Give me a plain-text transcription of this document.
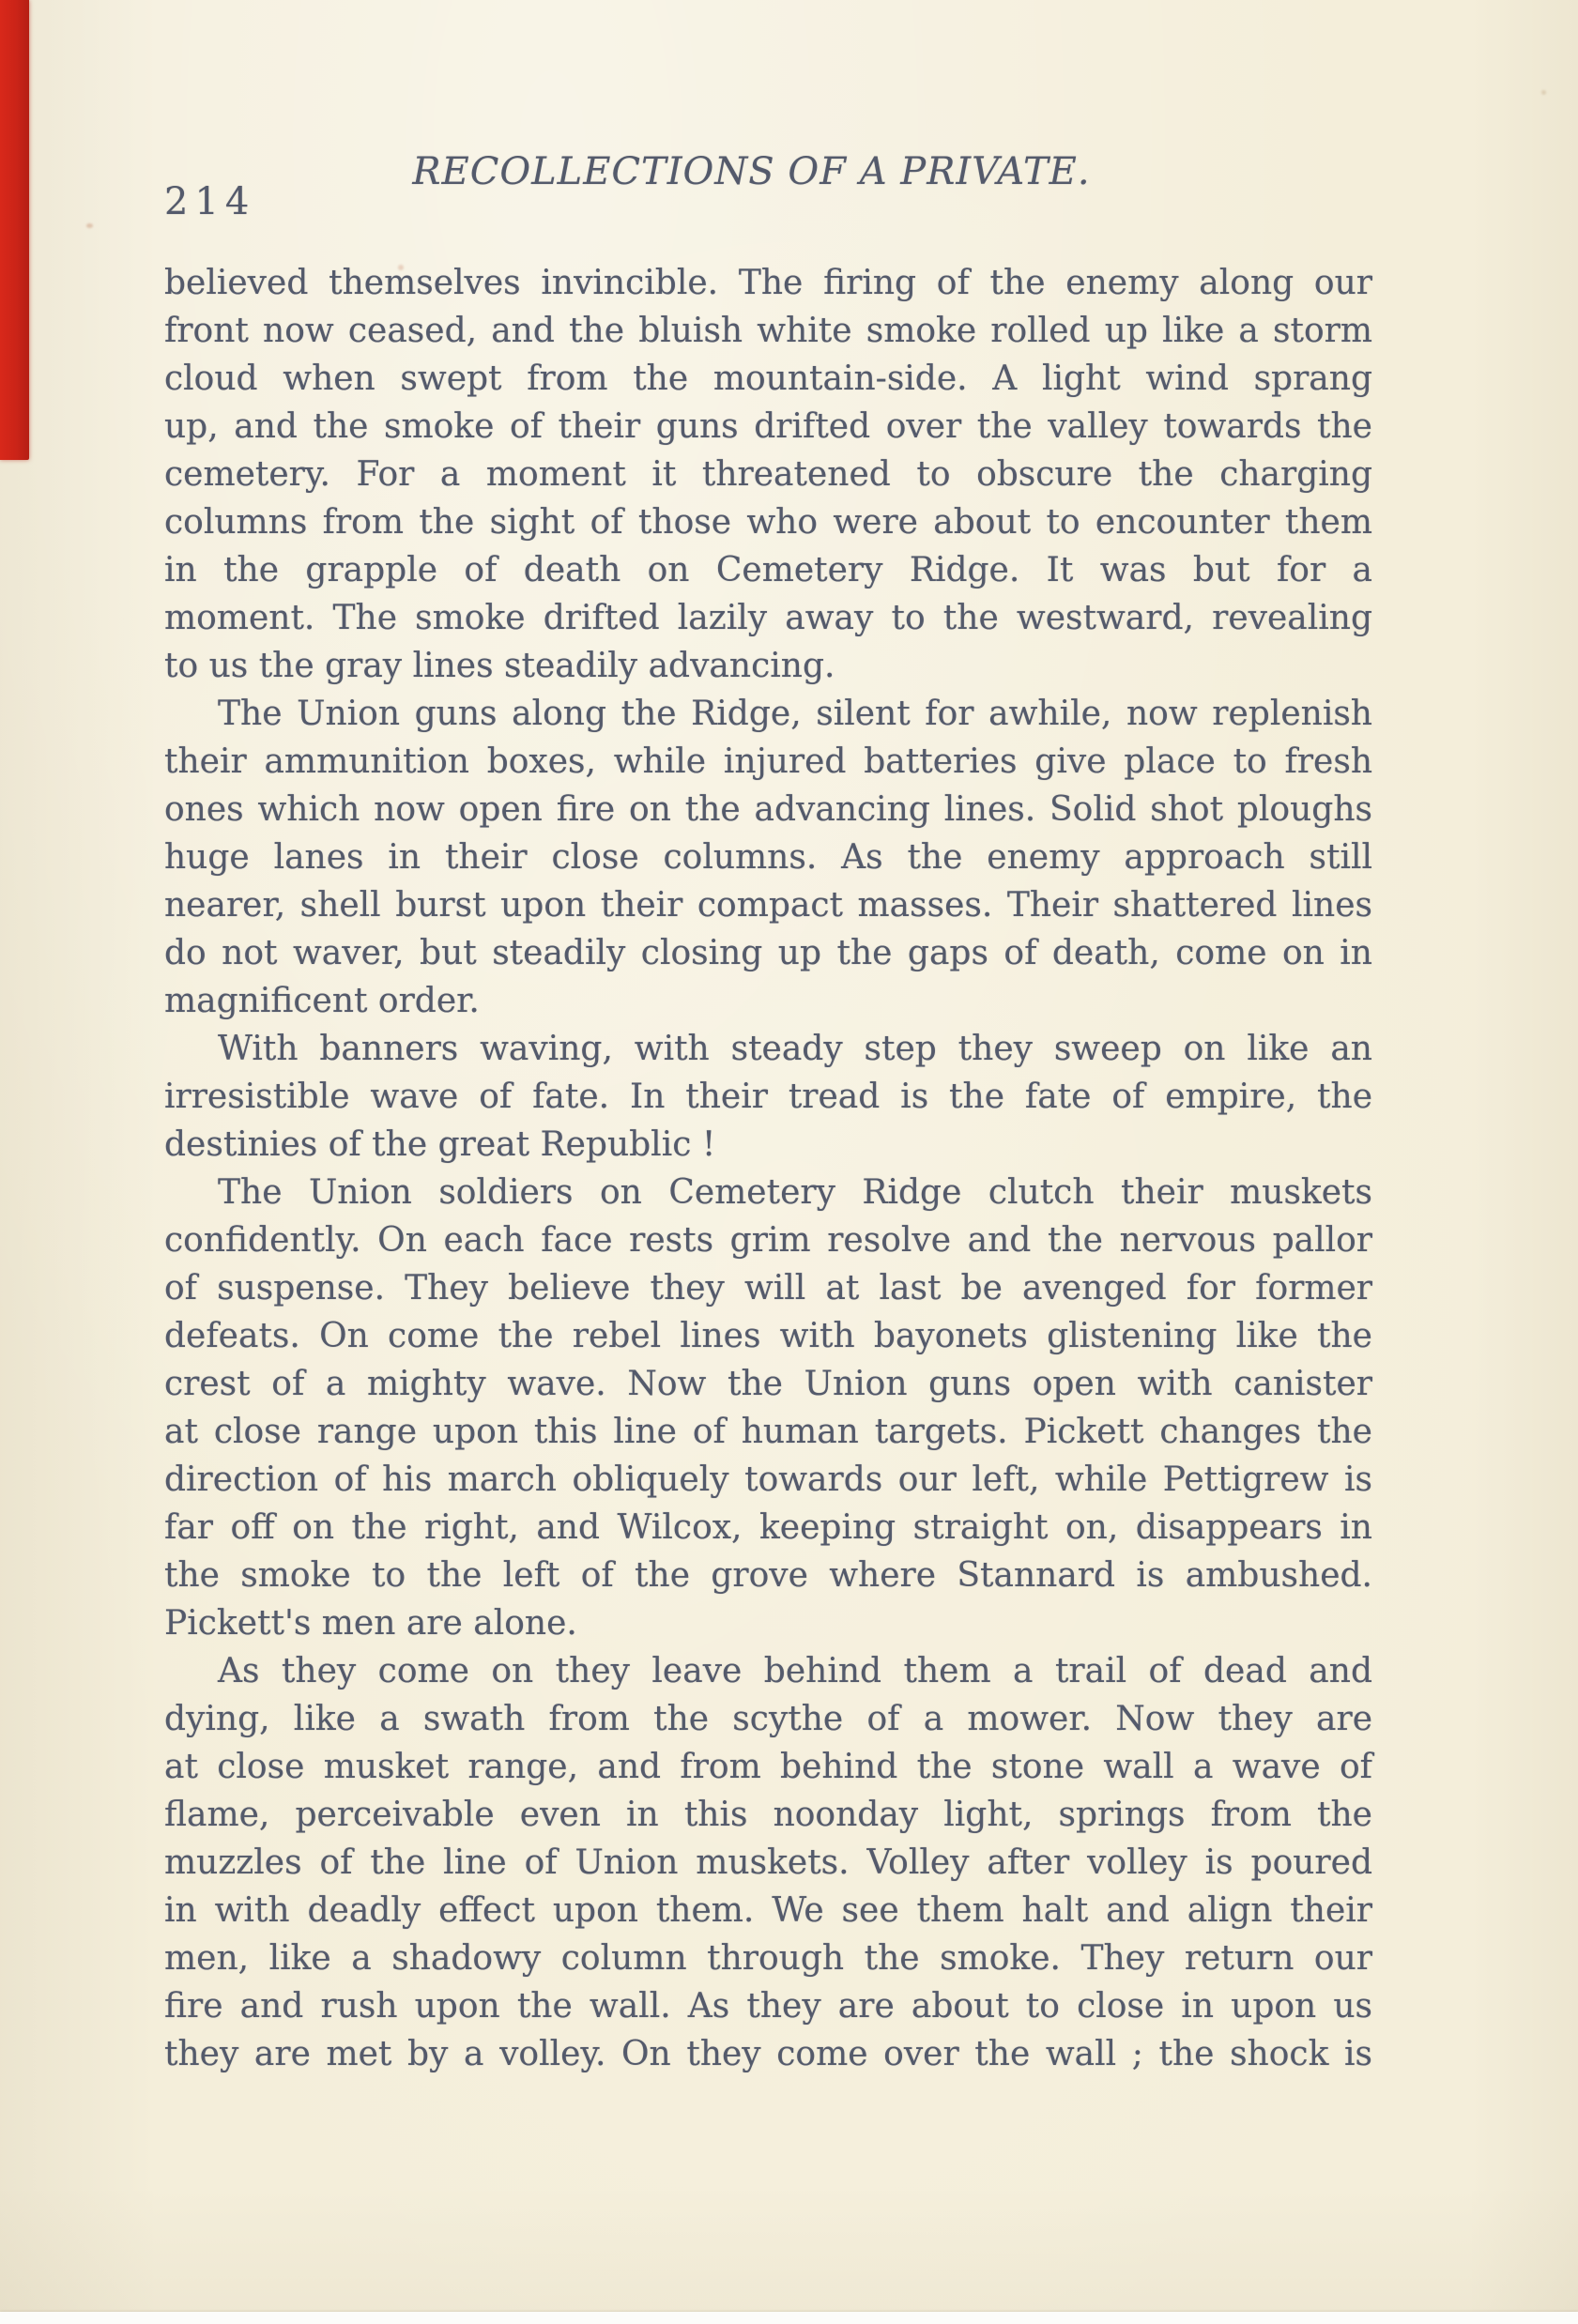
214
RECOLLECTIONS OF A PRIVATE.
believed themselves invincible. The firing of the enemy along our
front now ceased, and the bluish white smoke rolled up like a storm
cloud when swept from the mountain-side. A light wind sprang
up, and the smoke of their guns drifted over the valley towards the
cemetery. For a moment it threatened to obscure the charging
columns from the sight of those who were about to encounter them
in the grapple of death on Cemetery Ridge. It was but for a
moment. The smoke drifted lazily away to the westward, revealing
to us the gray lines steadily advancing.
The Union guns along the Ridge, silent for awhile, now replenish
their ammunition boxes, while injured batteries give place to fresh
ones which now open fire on the advancing lines. Solid shot ploughs
huge lanes in their close columns. As the enemy approach still
nearer, shell burst upon their compact masses. Their shattered lines
do not waver, but steadily closing up the gaps of death, come on in
magnificent order.
With banners waving, with steady step they sweep on like an
irresistible wave of fate. In their tread is the fate of empire, the
destinies of the great Republic !
The Union soldiers on Cemetery Ridge clutch their muskets
confidently. On each face rests grim resolve and the nervous pallor
of suspense. They believe they will at last be avenged for former
defeats. On come the rebel lines with bayonets glistening like the
crest of a mighty wave. Now the Union guns open with canister
at close range upon this line of human targets. Pickett changes the
direction of his march obliquely towards our left, while Pettigrew is
far off on the right, and Wilcox, keeping straight on, disappears in
the smoke to the left of the grove where Stannard is ambushed.
Pickett's men are alone.
As they come on they leave behind them a trail of dead and
dying, like a swath from the scythe of a mower. Now they are
at close musket range, and from behind the stone wall a wave of
flame, perceivable even in this noonday light, springs from the
muzzles of the line of Union muskets. Volley after volley is poured
in with deadly effect upon them. We see them halt and align their
men, like a shadowy column through the smoke. They return our
fire and rush upon the wall. As they are about to close in upon us
they are met by a volley. On they come over the wall ; the shock is
